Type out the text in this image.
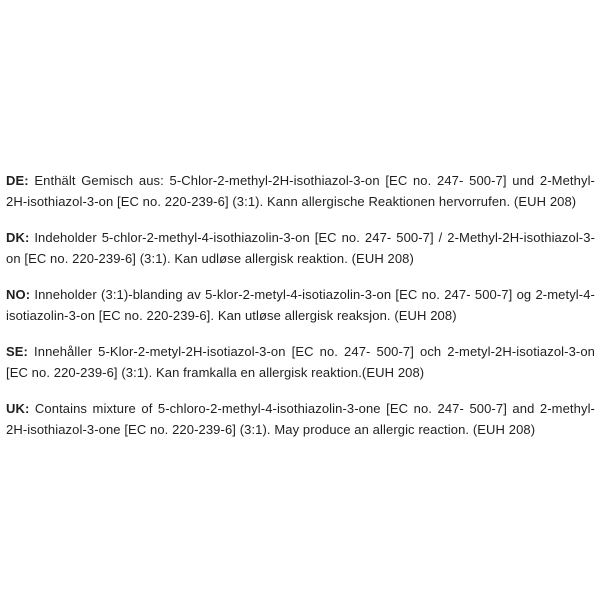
DE: Enthält Gemisch aus: 5-Chlor-2-methyl-2H-isothiazol-3-on [EC no. 247- 500-7] und 2-Methyl-2H-isothiazol-3-on [EC no. 220-239-6] (3:1). Kann allergische Reaktionen hervorrufen. (EUH 208)

DK: Indeholder 5-chlor-2-methyl-4-isothiazolin-3-on [EC no. 247- 500-7] / 2-Methyl-2H-isothiazol-3-on [EC no. 220-239-6] (3:1). Kan udløse allergisk reaktion. (EUH 208)

NO: Inneholder (3:1)-blanding av 5-klor-2-metyl-4-isotiazolin-3-on [EC no. 247- 500-7] og 2-metyl-4-isotiazolin-3-on [EC no. 220-239-6]. Kan utløse allergisk reaksjon. (EUH 208)

SE: Innehåller 5-Klor-2-metyl-2H-isotiazol-3-on [EC no. 247- 500-7] och 2-metyl-2H-isotiazol-3-on [EC no. 220-239-6] (3:1). Kan framkalla en allergisk reaktion.(EUH 208)

UK: Contains mixture of 5-chloro-2-methyl-4-isothiazolin-3-one [EC no. 247- 500-7] and 2-methyl-2H-isothiazol-3-one [EC no. 220-239-6] (3:1). May produce an allergic reaction. (EUH 208)
